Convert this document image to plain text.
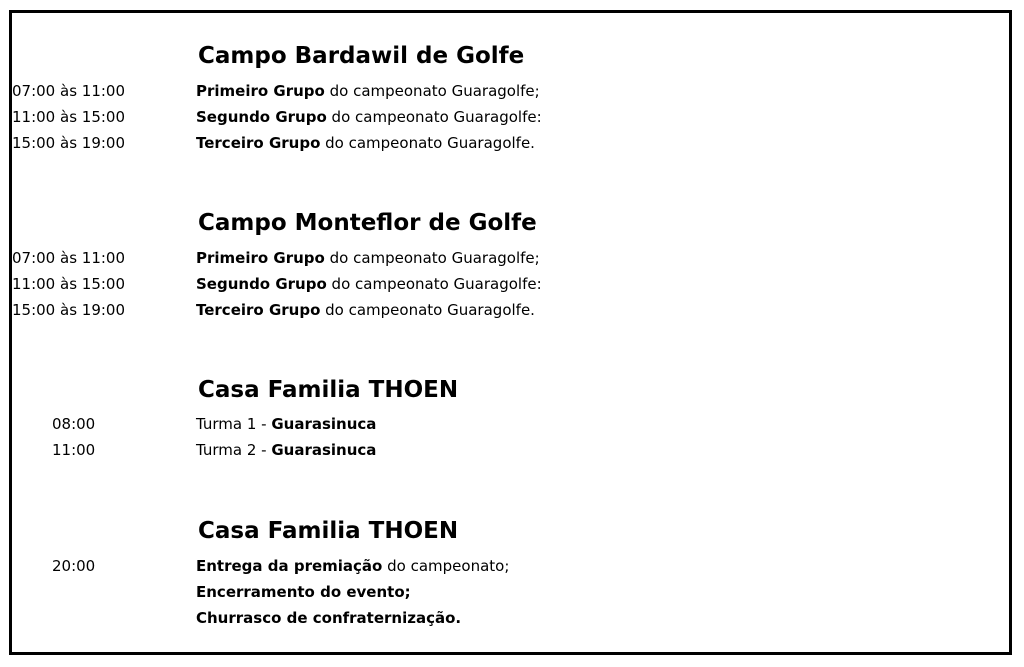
Campo Bardawil de Golfe
07:00 às 11:00	Primeiro Grupo do campeonato Guaragolfe;
11:00 às 15:00	Segundo Grupo do campeonato Guaragolfe:
15:00 às 19:00	Terceiro Grupo do campeonato Guaragolfe.
Campo Monteflor de Golfe
07:00 às 11:00	Primeiro Grupo do campeonato Guaragolfe;
11:00 às 15:00	Segundo Grupo do campeonato Guaragolfe:
15:00 às 19:00	Terceiro Grupo do campeonato Guaragolfe.
Casa Familia THOEN
08:00	Turma 1 - Guarasinuca
11:00	Turma 2 - Guarasinuca
Casa Familia THOEN
20:00	Entrega da premiação do campeonato;
Encerramento do evento;
Churrasco de confraternização.
